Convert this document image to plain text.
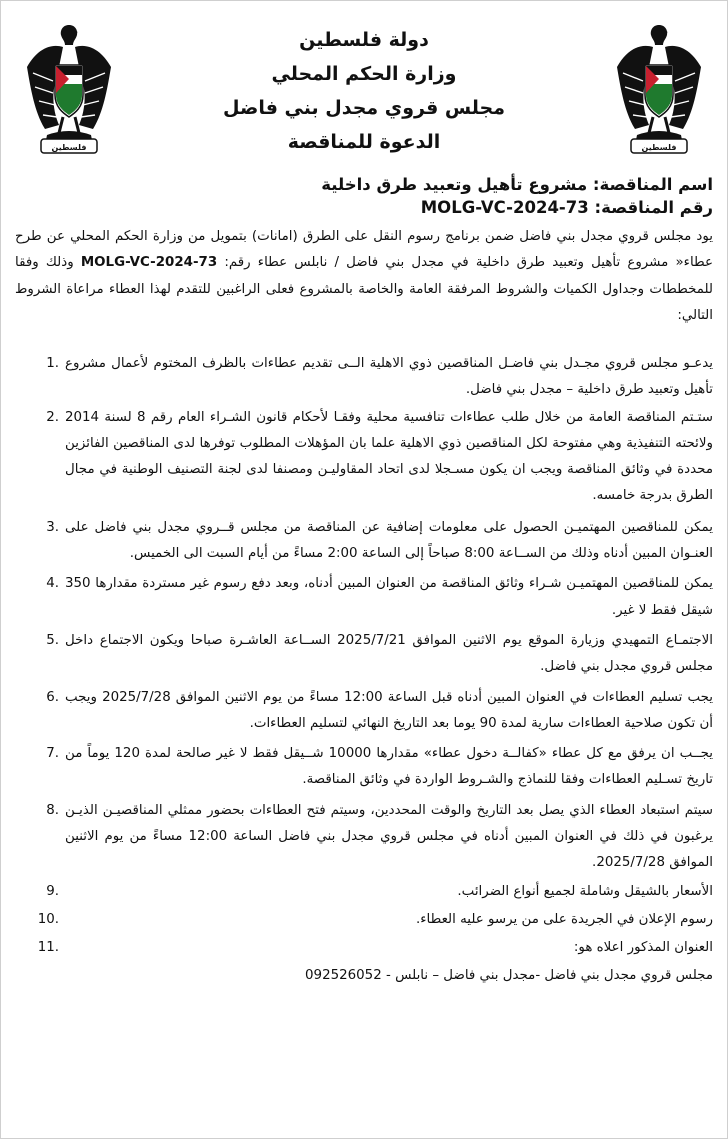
فلسطين
فلسطين
دولة فلسطين
وزارة الحكم المحلي
مجلس قروي مجدل بني فاضل
الدعوة للمناقصة
اسم المناقصة: مشروع تأهيل وتعبيد طرق داخلية
رقم المناقصة: MOLG-VC-2024-73

يود مجلس قروي مجدل بني فاضل ضمن برنامج رسوم النقل على الطرق (امانات) بتمويل من وزارة الحكم المحلي عن طرح عطاء« مشروع تأهيل وتعبيد طرق داخلية في مجدل بني فاضل / نابلس عطاء رقم: MOLG-VC-2024-73 وذلك وفقا للمخططات وجداول الكميات والشروط المرفقة العامة والخاصة بالمشروع فعلى الراغبين للتقدم لهذا العطاء مراعاة الشروط التالي:

1. يدعـو مجلس قروي مجـدل بني فاضـل المناقصين ذوي الاهلية الــى تقديم عطاءات بالظرف المختوم لأعمال مشروع تأهيل وتعبيد طرق داخلية – مجدل بني فاضل.
2. ستـتم المناقصة العامة من خلال طلب عطاءات تنافسية محلية وفقـا لأحكام قانون الشـراء العام رقم 8 لسنة 2014 ولائحته التنفيذية وهي مفتوحة لكل المناقصين ذوي الاهلية علما بان المؤهلات المطلوب توفرها لدى المناقصين الفائزين محددة في وثائق المناقصة ويجب ان يكون مسـجلا لدى اتحاد المقاوليـن ومصنفا لدى لجنة التصنيف الوطنية في مجال الطرق بدرجة خامسه.
3. يمكن للمناقصين المهتميـن الحصول على معلومات إضافية عن المناقصة من مجلس قــروي مجدل بني فاضل على العنـوان المبين أدناه وذلك من الســاعة 8:00 صباحاً إلى الساعة 2:00 مساءً من أيام السبت الى الخميس.
4. يمكن للمناقصين المهتميـن شـراء وثائق المناقصة من العنوان المبين أدناه، وبعد دفع رسوم غير مستردة مقدارها 350 شيقل فقط لا غير.
5. الاجتمـاع التمهيدي وزيارة الموقع يوم الاثنين الموافق 2025/7/21 الســاعة العاشـرة صباحا ويكون الاجتماع داخل مجلس قروي مجدل بني فاضل.
6. يجب تسليم العطاءات في العنوان المبين أدناه قبل الساعة 12:00 مساءً من يوم الاثنين الموافق 2025/7/28 ويجب أن تكون صلاحية العطاءات سارية لمدة 90 يوما بعد التاريخ النهائي لتسليم العطاءات.
7. يجــب ان يرفق مع كل عطاء «كفالــة دخول عطاء» مقدارها 10000 شــيقل فقط لا غير صالحة لمدة 120 يوماً من تاريخ تسـليم العطاءات وفقا للنماذج والشـروط الواردة في وثائق المناقصة.
8. سيتم استبعاد العطاء الذي يصل بعد التاريخ والوقت المحددين، وسيتم فتح العطاءات بحضور ممثلي المناقصيـن الذيـن يرغبون في ذلك في العنوان المبين أدناه في مجلس قروي مجدل بني فاضل الساعة 12:00 مساءً من يوم الاثنين الموافق 2025/7/28.
9.	الأسعار بالشيقل وشاملة لجميع أنواع الضرائب.
10.	رسوم الإعلان في الجريدة على من يرسو عليه العطاء.
11.	العنوان المذكور اعلاه هو:
مجلس قروي مجدل بني فاضل -مجدل بني فاضل – نابلس - 092526052
